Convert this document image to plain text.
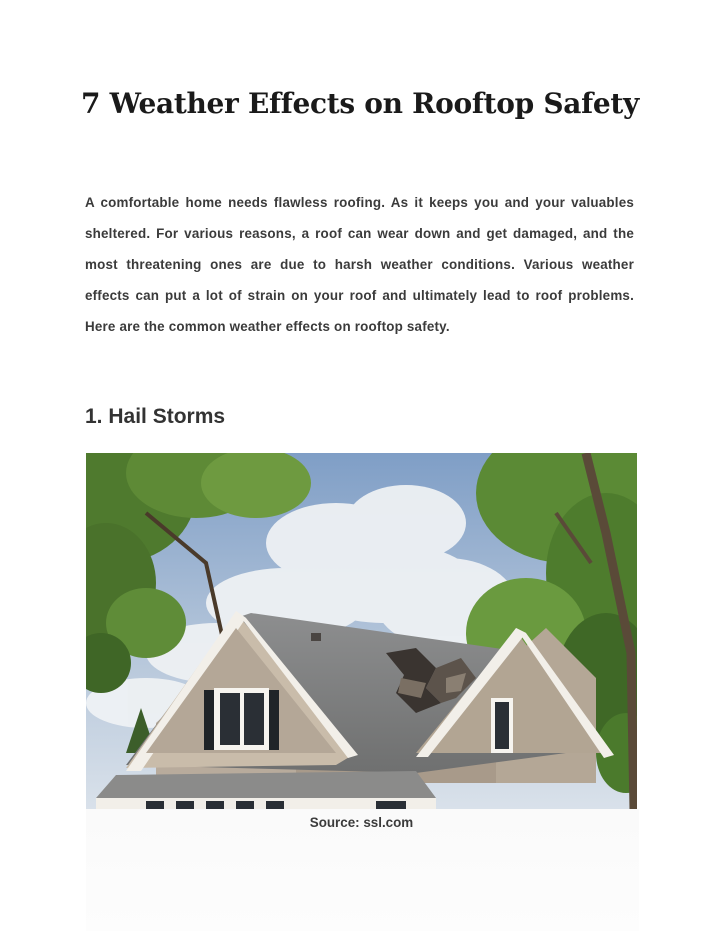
7 Weather Effects on Rooftop Safety

A comfortable home needs flawless roofing. As it keeps you and your valuables sheltered. For various reasons, a roof can wear down and get damaged, and the most threatening ones are due to harsh weather conditions. Various weather effects can put a lot of strain on your roof and ultimately lead to roof problems. Here are the common weather effects on rooftop safety.

1. Hail Storms

Source: ssl.com
